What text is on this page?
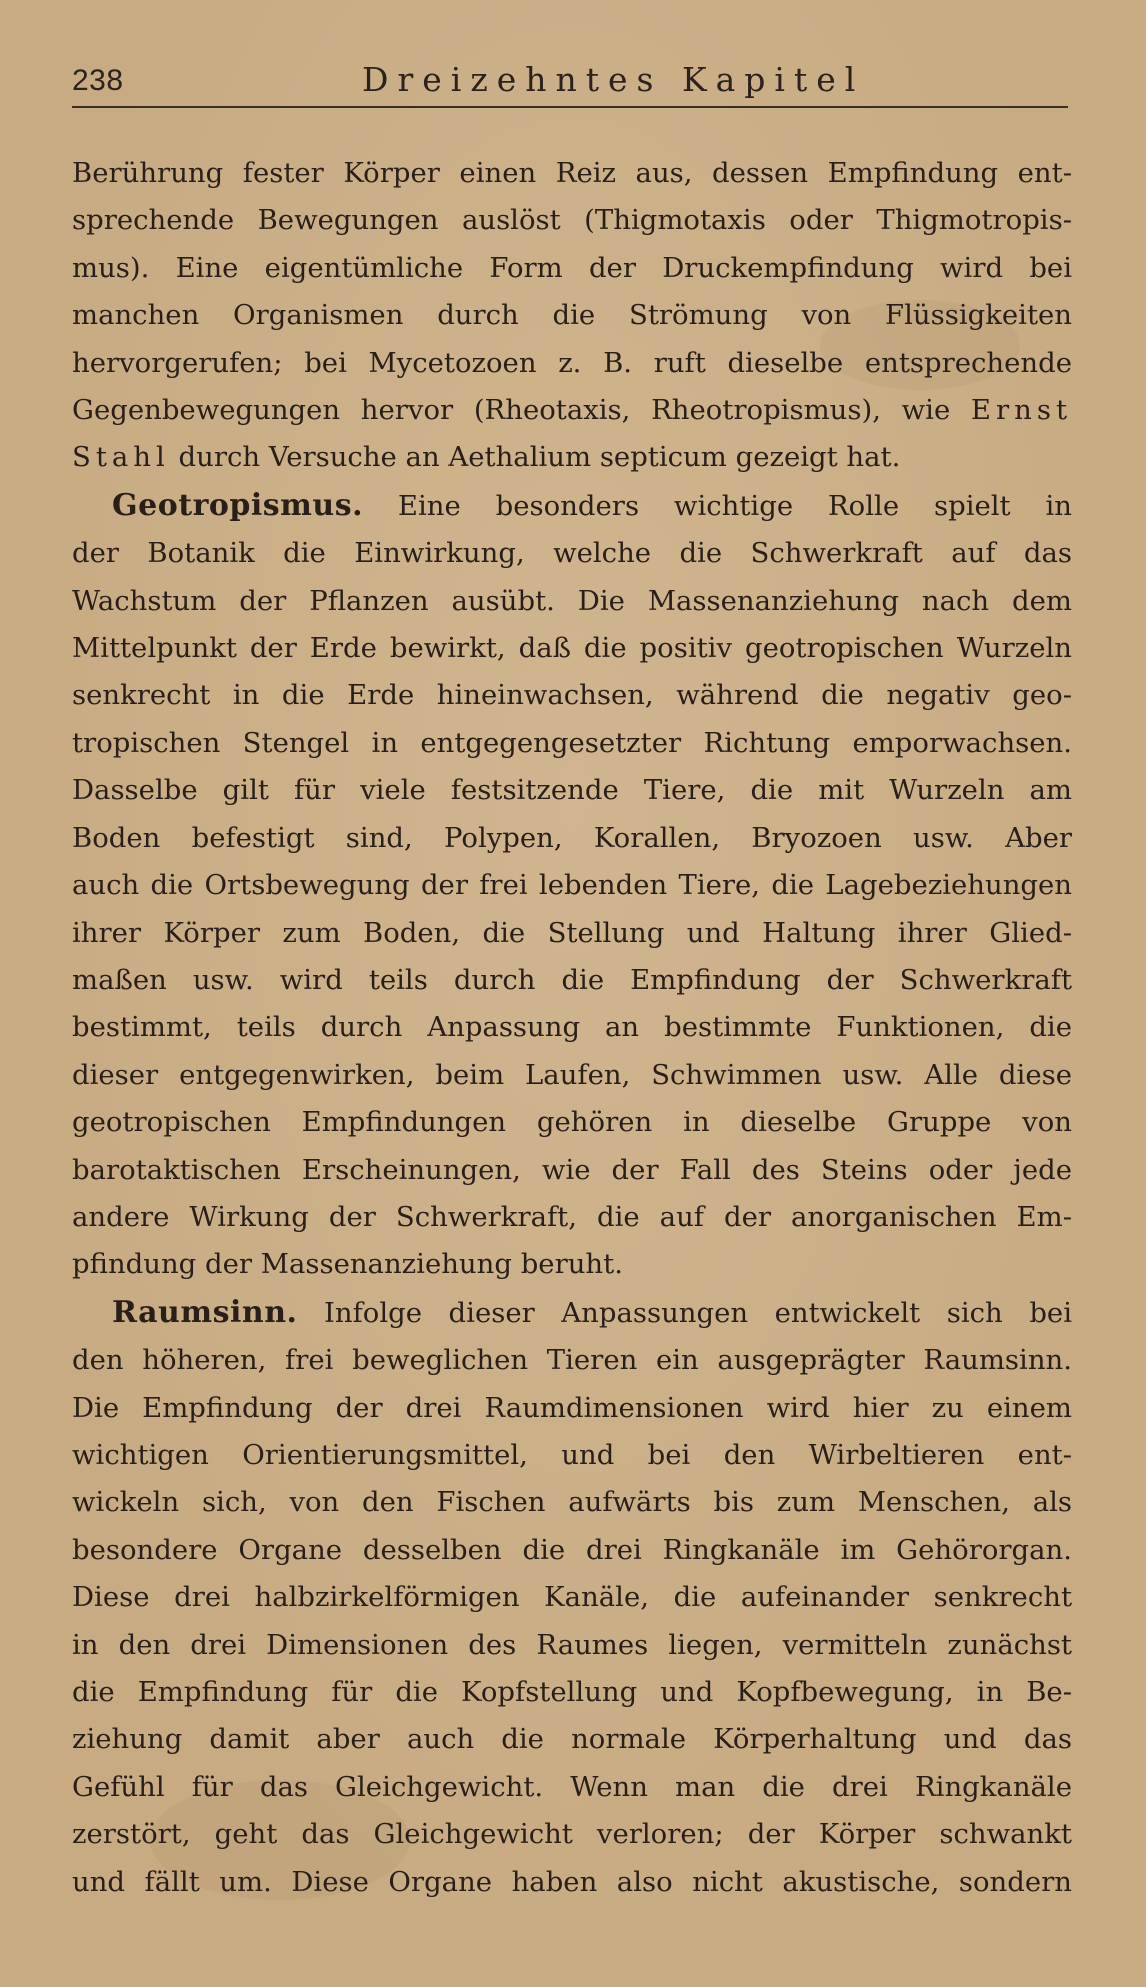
238	Dreizehntes Kapitel

Berührung fester Körper einen Reiz aus, dessen Empfindung ent-

sprechende Bewegungen auslöst (Thigmotaxis oder Thigmotropis-

mus). Eine eigentümliche Form der Druckempfindung wird bei

manchen Organismen durch die Strömung von Flüssigkeiten

hervorgerufen; bei Mycetozoen z. B. ruft dieselbe entsprechende

Gegenbewegungen hervor (Rheotaxis, Rheotropismus), wie Ernst

Stahl durch Versuche an Aethalium septicum gezeigt hat.

Geotropismus. Eine besonders wichtige Rolle spielt in

der Botanik die Einwirkung, welche die Schwerkraft auf das

Wachstum der Pflanzen ausübt. Die Massenanziehung nach dem

Mittelpunkt der Erde bewirkt, daß die positiv geotropischen Wurzeln

senkrecht in die Erde hineinwachsen, während die negativ geo-

tropischen Stengel in entgegengesetzter Richtung emporwachsen.

Dasselbe gilt für viele festsitzende Tiere, die mit Wurzeln am

Boden befestigt sind, Polypen, Korallen, Bryozoen usw. Aber

auch die Ortsbewegung der frei lebenden Tiere, die Lagebeziehungen

ihrer Körper zum Boden, die Stellung und Haltung ihrer Glied-

maßen usw. wird teils durch die Empfindung der Schwerkraft

bestimmt, teils durch Anpassung an bestimmte Funktionen, die

dieser entgegenwirken, beim Laufen, Schwimmen usw. Alle diese

geotropischen Empfindungen gehören in dieselbe Gruppe von

barotaktischen Erscheinungen, wie der Fall des Steins oder jede

andere Wirkung der Schwerkraft, die auf der anorganischen Em-

pfindung der Massenanziehung beruht.

Raumsinn. Infolge dieser Anpassungen entwickelt sich bei

den höheren, frei beweglichen Tieren ein ausgeprägter Raumsinn.

Die Empfindung der drei Raumdimensionen wird hier zu einem

wichtigen Orientierungsmittel, und bei den Wirbeltieren ent-

wickeln sich, von den Fischen aufwärts bis zum Menschen, als

besondere Organe desselben die drei Ringkanäle im Gehörorgan.

Diese drei halbzirkelförmigen Kanäle, die aufeinander senkrecht

in den drei Dimensionen des Raumes liegen, vermitteln zunächst

die Empfindung für die Kopfstellung und Kopfbewegung, in Be-

ziehung damit aber auch die normale Körperhaltung und das

Gefühl für das Gleichgewicht. Wenn man die drei Ringkanäle

zerstört, geht das Gleichgewicht verloren; der Körper schwankt

und fällt um. Diese Organe haben also nicht akustische, sondern
